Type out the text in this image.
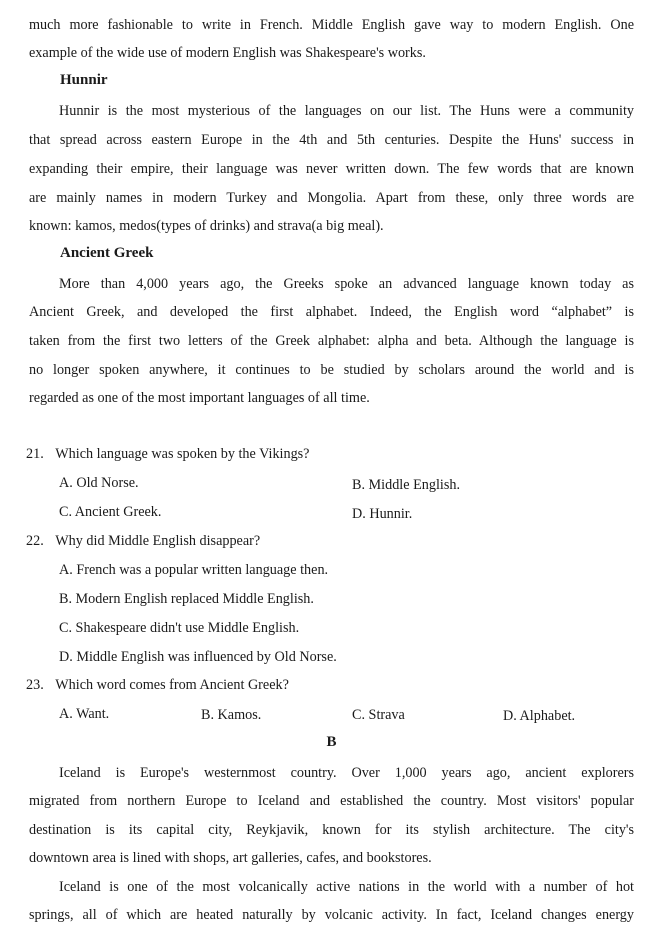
much more fashionable to write in French. Middle English gave way to modern English. One
example of the wide use of modern English was Shakespeare's works.
Hunnir
Hunnir is the most mysterious of the languages on our list. The Huns were a community
that spread across eastern Europe in the 4th and 5th centuries. Despite the Huns' success in
expanding their empire, their language was never written down. The few words that are known
are mainly names in modern Turkey and Mongolia. Apart from these, only three words are
known: kamos, medos(types of drinks) and strava(a big meal).
Ancient Greek
More than 4,000 years ago, the Greeks spoke an advanced language known today as
Ancient Greek, and developed the first alphabet. Indeed, the English word “alphabet” is
taken from the first two letters of the Greek alphabet: alpha and beta. Although the language is
no longer spoken anywhere, it continues to be studied by scholars around the world and is
regarded as one of the most important languages of all time.
21. Which language was spoken by the Vikings?
A. Old Norse.	B. Middle English.
C. Ancient Greek.	D. Hunnir.
22. Why did Middle English disappear?
A. French was a popular written language then.
B. Modern English replaced Middle English.
C. Shakespeare didn't use Middle English.
D. Middle English was influenced by Old Norse.
23. Which word comes from Ancient Greek?
A. Want.	B. Kamos.	C. Strava	D. Alphabet.
B
Iceland is Europe's westernmost country. Over 1,000 years ago, ancient explorers
migrated from northern Europe to Iceland and established the country. Most visitors' popular
destination is its capital city, Reykjavik, known for its stylish architecture. The city's
downtown area is lined with shops, art galleries, cafes, and bookstores.
Iceland is one of the most volcanically active nations in the world with a number of hot
springs, all of which are heated naturally by volcanic activity. In fact, Iceland changes energy
